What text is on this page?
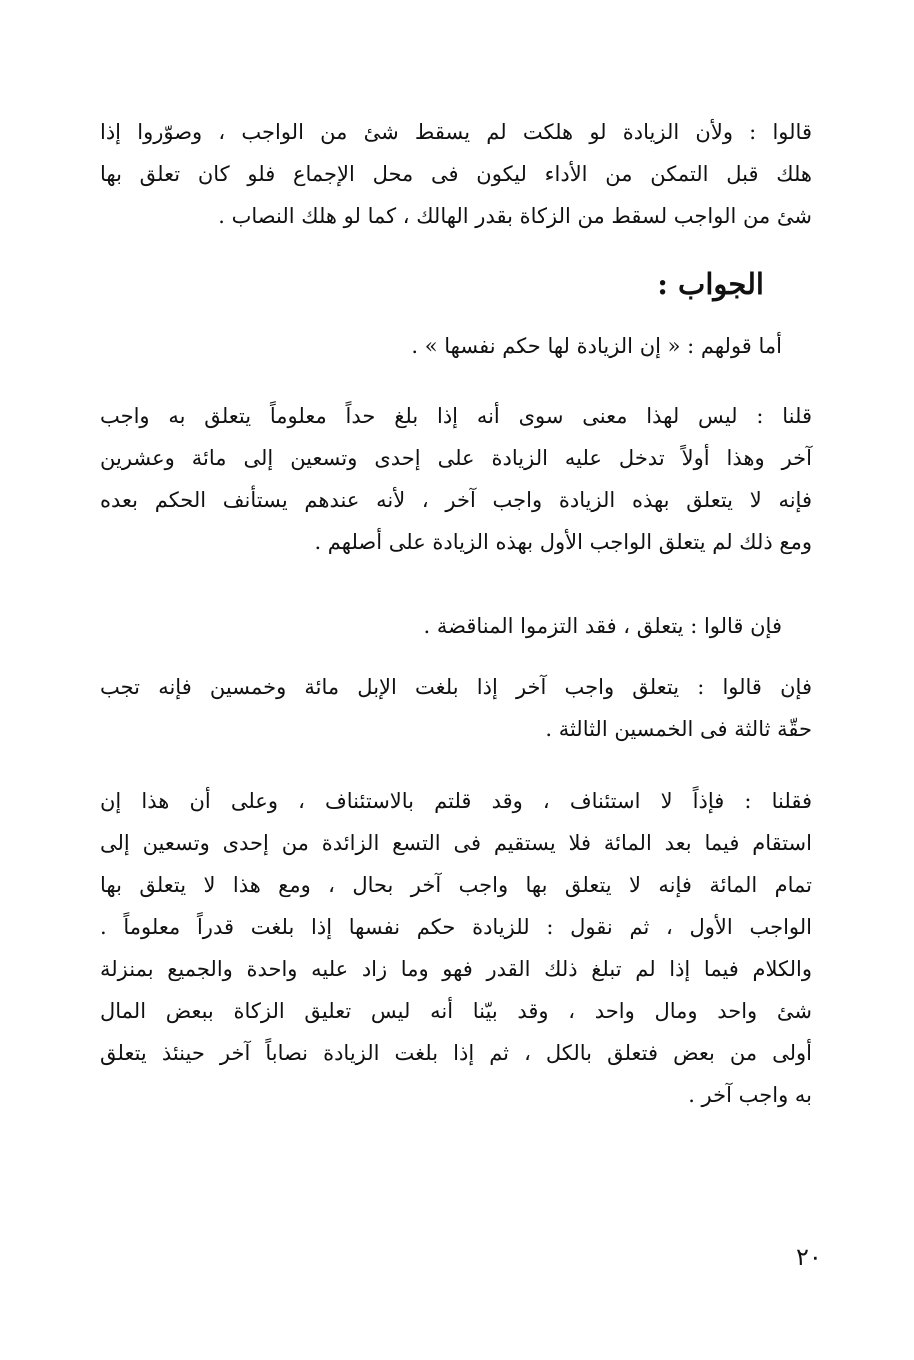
قالوا : ولأن الزيادة لو هلكت لم يسقط شئ من الواجب ، وصوّروا إذا
هلك قبل التمكن من الأداء ليكون فى محل الإجماع فلو كان تعلق بها
شئ من الواجب لسقط من الزكاة بقدر الهالك ، كما لو هلك النصاب .
الجواب :
أما قولهم : « إن الزيادة لها حكم نفسها » .
قلنا : ليس لهذا معنى سوى أنه إذا بلغ حداً معلوماً يتعلق به واجب
آخر وهذا أولاً تدخل عليه الزيادة على إحدى وتسعين إلى مائة وعشرين
فإنه لا يتعلق بهذه الزيادة واجب آخر ، لأنه عندهم يستأنف الحكم بعده
ومع ذلك لم يتعلق الواجب الأول بهذه الزيادة على أصلهم .
فإن قالوا : يتعلق ، فقد التزموا المناقضة .
فإن قالوا : يتعلق واجب آخر إذا بلغت الإبل مائة وخمسين فإنه تجب
حقّة ثالثة فى الخمسين الثالثة .
فقلنا : فإذاً لا استئناف ، وقد قلتم بالاستئناف ، وعلى أن هذا إن
استقام فيما بعد المائة فلا يستقيم فى التسع الزائدة من إحدى وتسعين إلى
تمام المائة فإنه لا يتعلق بها واجب آخر بحال ، ومع هذا لا يتعلق بها
الواجب الأول ، ثم نقول : للزيادة حكم نفسها إذا بلغت قدراً معلوماً .
والكلام فيما إذا لم تبلغ ذلك القدر فهو وما زاد عليه واحدة والجميع بمنزلة
شئ واحد ومال واحد ، وقد بيّنا أنه ليس تعليق الزكاة ببعض المال
أولى من بعض فتعلق بالكل ، ثم إذا بلغت الزيادة نصاباً آخر حينئذ يتعلق
به واجب آخر .
٢٠
